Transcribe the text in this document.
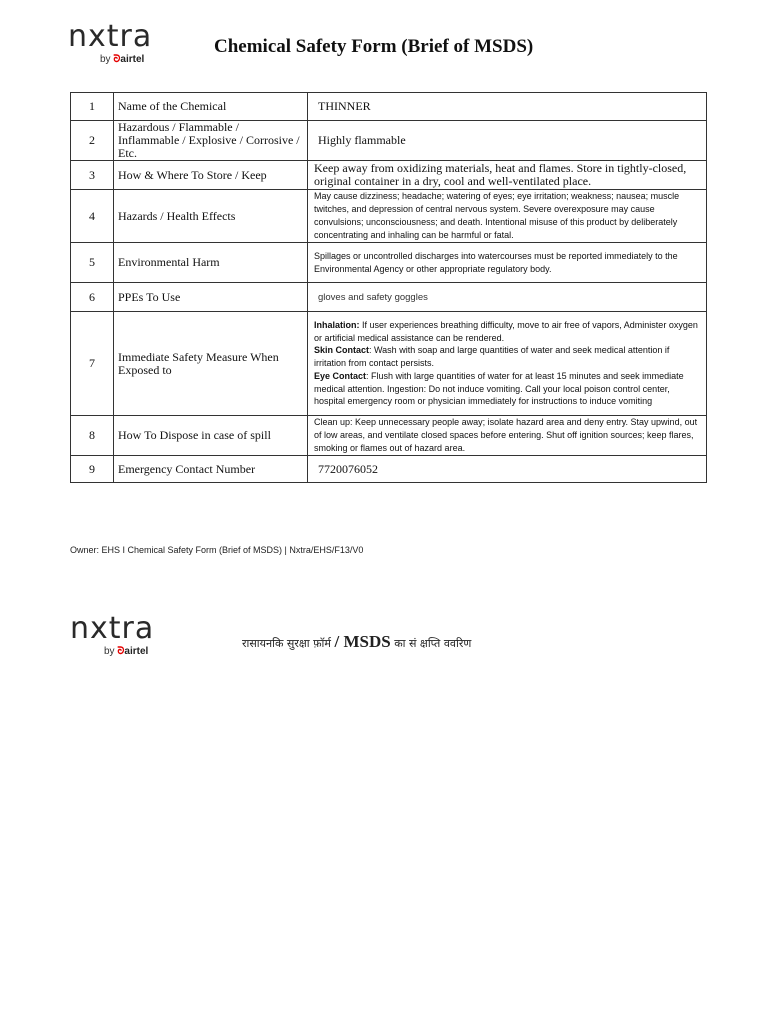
nxtra
by ᘐairtel
Chemical Safety Form (Brief of MSDS)
1	Name of the Chemical	THINNER
2	Hazardous / Flammable / Inflammable / Explosive / Corrosive / Etc.	Highly flammable
3	How & Where To Store / Keep	Keep away from oxidizing materials, heat and flames. Store in tightly-closed, original container in a dry, cool and well-ventilated place.
4	Hazards / Health Effects	May cause dizziness; headache; watering of eyes; eye irritation; weakness; nausea; muscle twitches, and depression of central nervous system. Severe overexposure may cause convulsions; unconsciousness; and death. Intentional misuse of this product by deliberately concentrating and inhaling can be harmful or fatal.
5	Environmental Harm	Spillages or uncontrolled discharges into watercourses must be reported immediately to the
Environmental Agency or other appropriate regulatory body.
6	PPEs To Use	gloves and safety goggles
7	Immediate Safety Measure When Exposed to	Inhalation: If user experiences breathing difficulty, move to air free of vapors, Administer oxygen or artificial medical assistance can be rendered.
Skin Contact: Wash with soap and large quantities of water and seek medical attention if irritation from contact persists.
Eye Contact: Flush with large quantities of water for at least 15 minutes and seek immediate medical attention. Ingestion: Do not induce vomiting. Call your local poison control center, hospital emergency room or physician immediately for instructions to induce vomiting
8	How To Dispose in case of spill	Clean up: Keep unnecessary people away; isolate hazard area and deny entry. Stay upwind, out of low areas, and ventilate closed spaces before entering. Shut off ignition sources; keep flares, smoking or flames out of hazard area.
9	Emergency Contact Number	7720076052
Owner: EHS I Chemical Safety Form (Brief of MSDS) | Nxtra/EHS/F13/V0
nxtra
by ᘐairtel
रासायनकि सुरक्षा फ़ॉर्म / MSDS का सं क्षप्ति ववरिण
